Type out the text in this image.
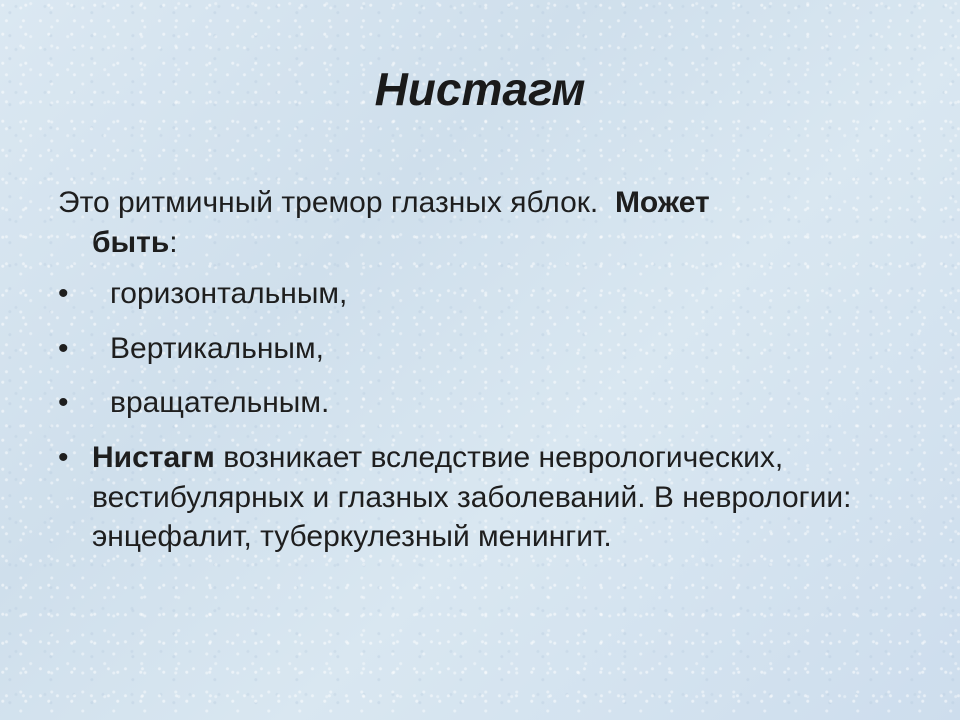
Нистагм

Это ритмичный тремор глазных яблок. Может
быть:

•	горизонтальным,
•	Вертикальным,
•	вращательным.
• Нистагм возникает вследствие неврологических, вестибулярных и глазных заболеваний. В неврологии: энцефалит, туберкулезный менингит.
